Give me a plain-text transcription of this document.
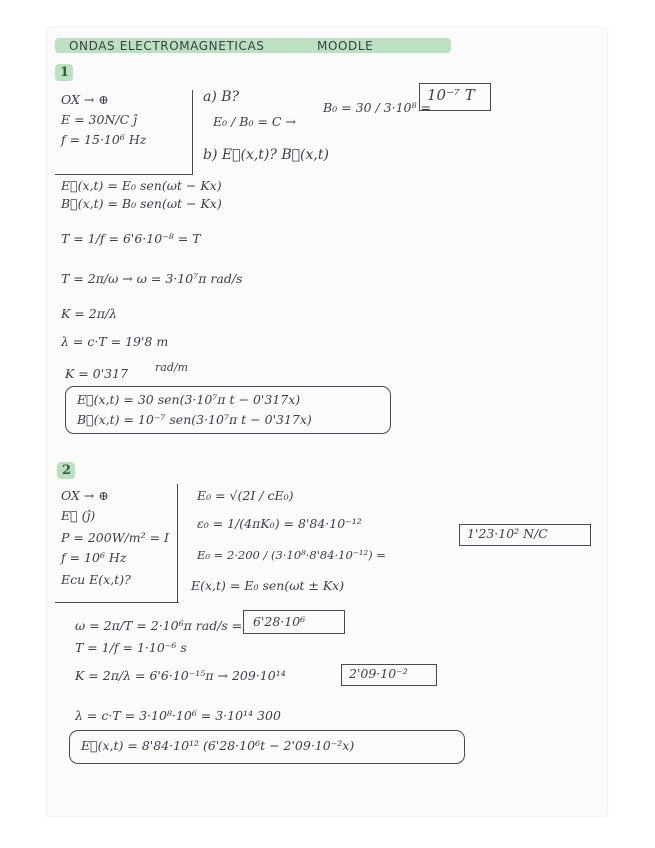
ONDAS ELECTROMAGNETICAS	MOODLE
1
OX → ⊕
E = 30N/C ĵ
f = 15·10⁶ Hz
a) B?
E₀ / B₀ = C →
B₀ = 30 / 3·10⁸ =
10⁻⁷ T
b) E⃗(x,t)? B⃗(x,t)
E⃗(x,t) = E₀ sen(ωt − Kx)
B⃗(x,t) = B₀ sen(ωt − Kx)
T = 1/f = 6'6·10⁻⁸ = T
T = 2π/ω → ω = 3·10⁷π rad/s
K = 2π/λ
λ = c·T = 19'8 m
K = 0'317 rad/m
E⃗(x,t) = 30 sen(3·10⁷π t − 0'317x)
B⃗(x,t) = 10⁻⁷ sen(3·10⁷π t − 0'317x)
2
OX → ⊕
E⃗ (ĵ)
P = 200W/m² = I
f = 10⁶ Hz
Ecu E(x,t)?
E₀ = √(2I / cE₀)
ε₀ = 1/(4πK₀) = 8'84·10⁻¹²
E₀ = 2·200 / (3·10⁸·8'84·10⁻¹²) =
1'23·10² N/C
E(x,t) = E₀ sen(ωt ± Kx)
ω = 2π/T = 2·10⁶π rad/s = 6'28·10⁶
T = 1/f = 1·10⁻⁶ s
K = 2π/λ = 6'6·10⁻¹⁵π → 209·10¹⁴	2'09·10⁻²
λ = c·T = 3·10⁸·10⁶ = 3·10¹⁴ 300
E⃗(x,t) = 8'84·10¹² (6'28·10⁶t − 2'09·10⁻²x)
